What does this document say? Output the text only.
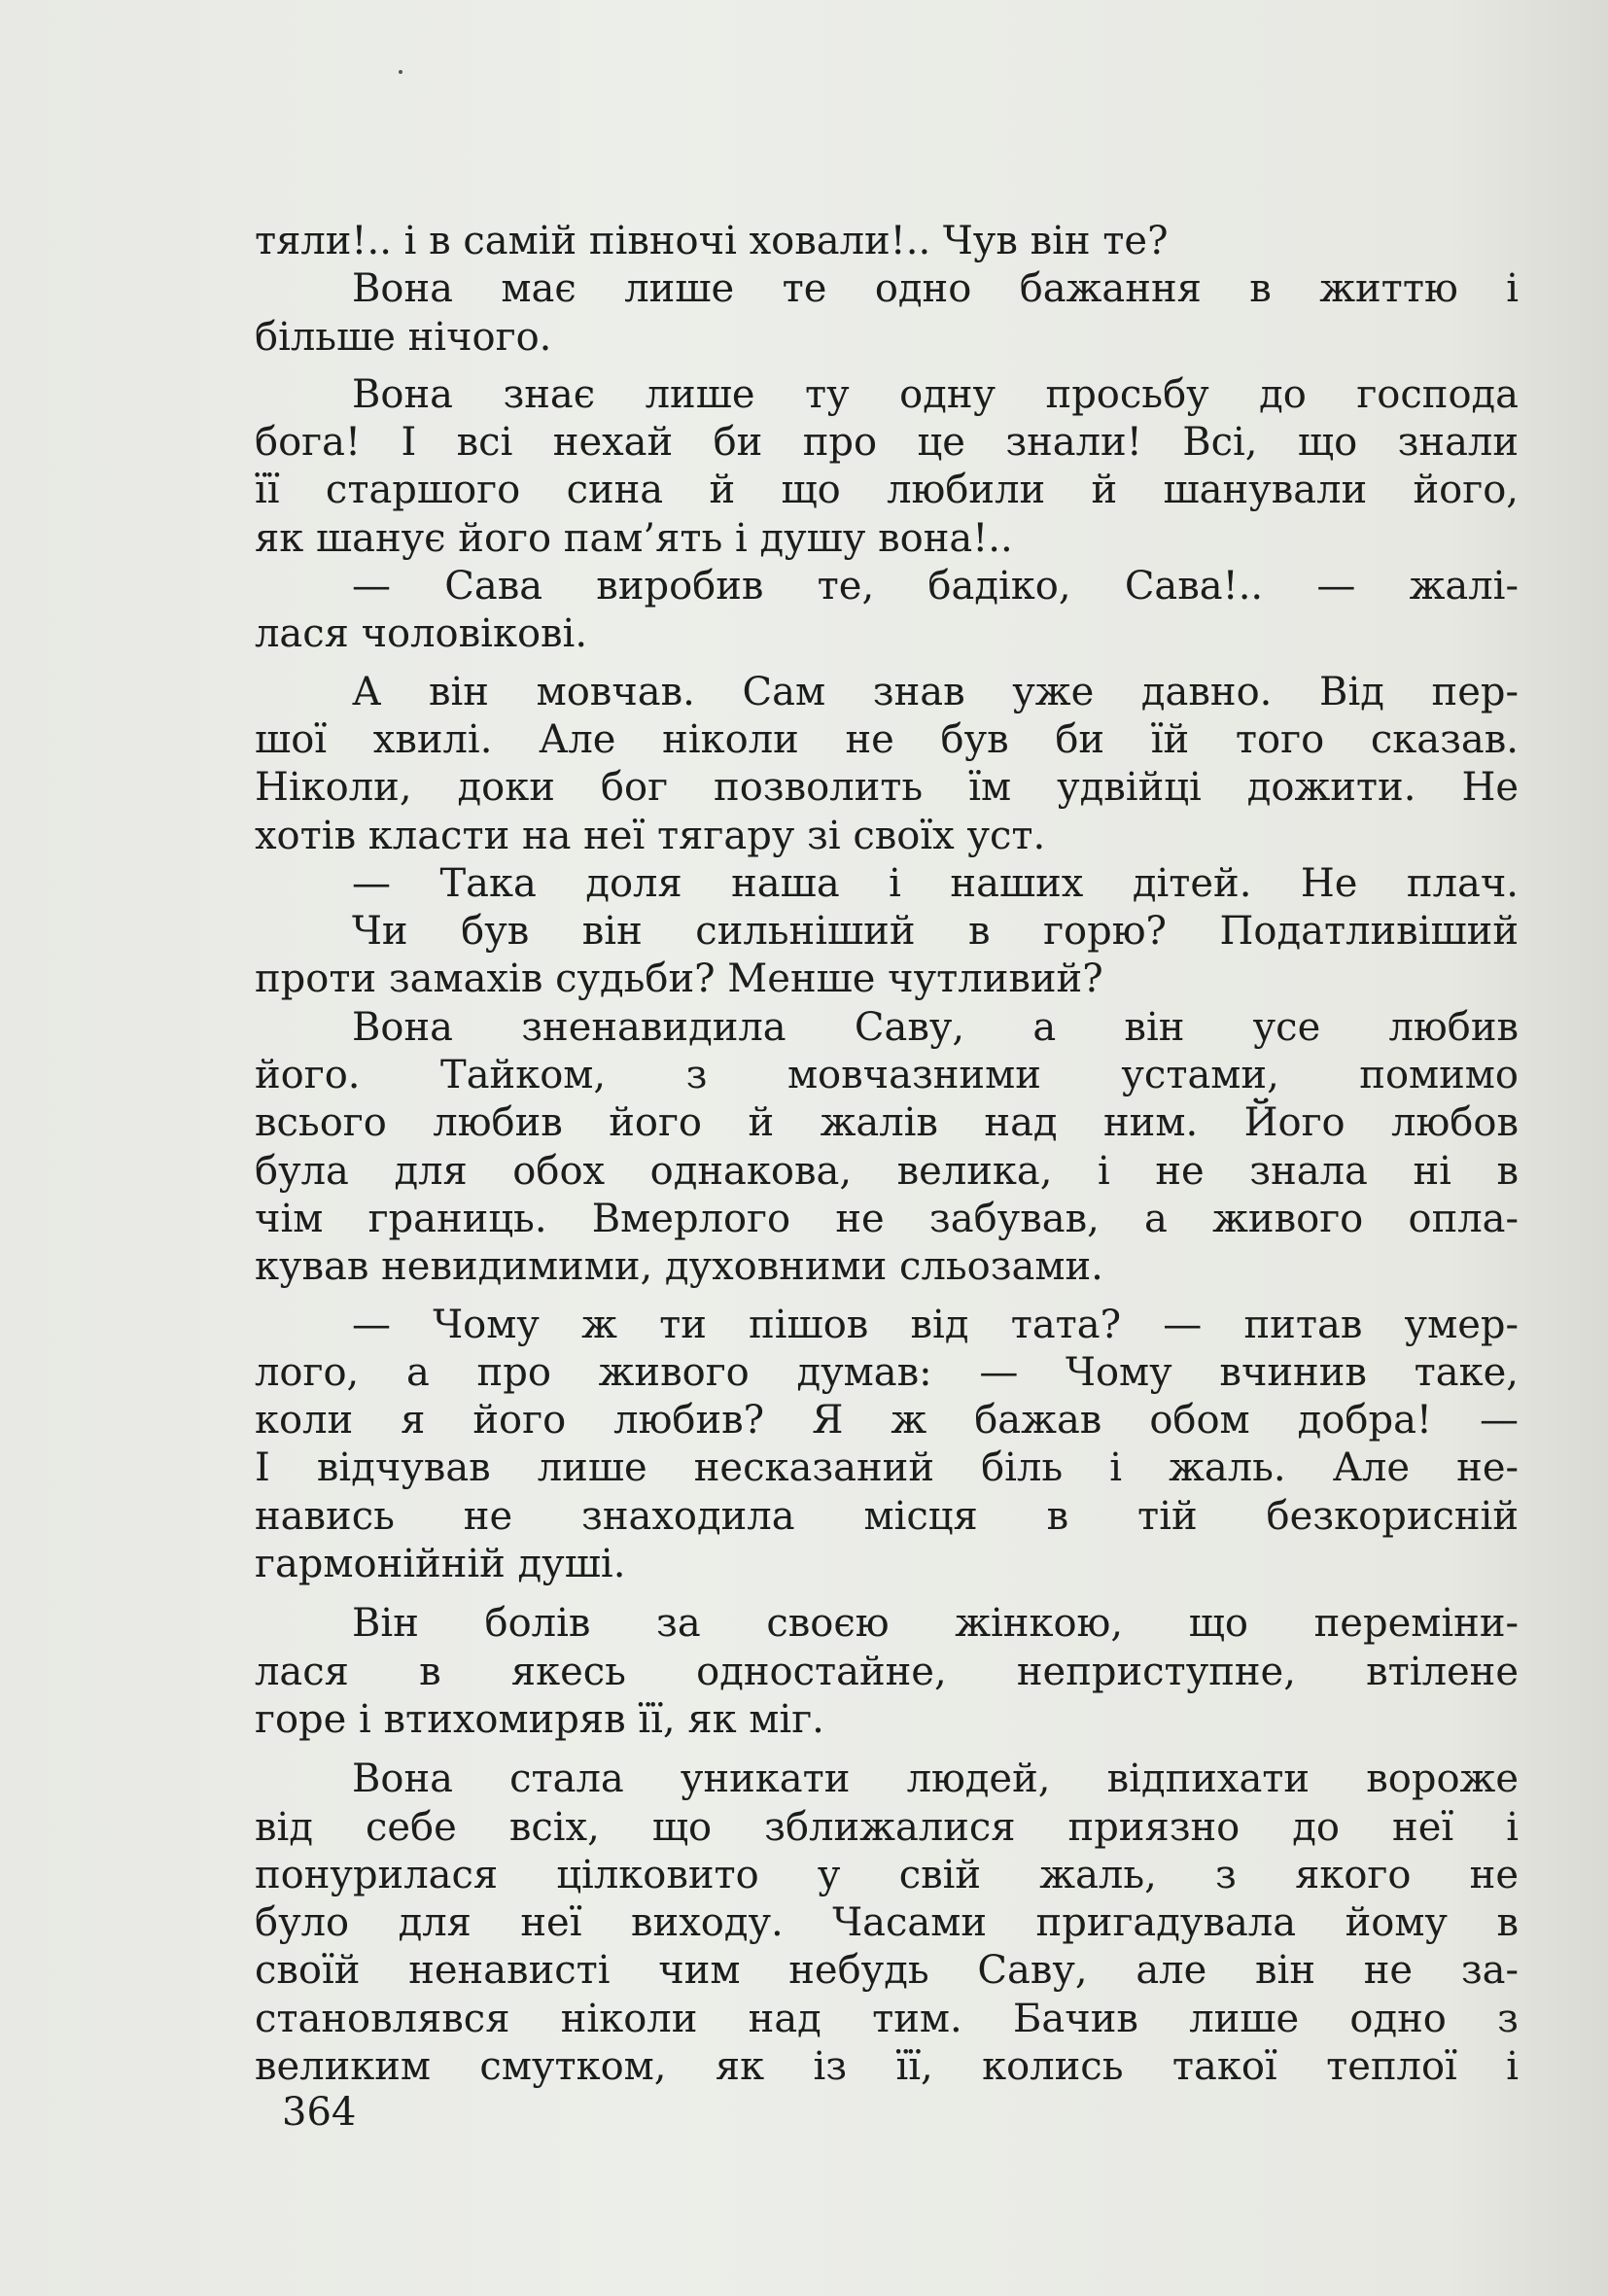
тяли!.. і в самій півночі ховали!.. Чув він те?
Вона має лише те одно бажання в життю і
більше нічого.
Вона знає лише ту одну просьбу до господа
бога! І всі нехай би про це знали! Всі, що знали
її старшого сина й що любили й шанували його,
як шанує його пам’ять і душу вона!..
— Сава виробив те, бадіко, Сава!.. — жалі-
лася чоловікові.
А він мовчав. Сам знав уже давно. Від пер-
шої хвилі. Але ніколи не був би їй того сказав.
Ніколи, доки бог позволить їм удвійці дожити. Не
хотів класти на неї тягару зі своїх уст.
— Така доля наша і наших дітей. Не плач.
Чи був він сильніший в горю? Податливіший
проти замахів судьби? Менше чутливий?
Вона зненавидила Саву, а він усе любив
його. Тайком, з мовчазними устами, помимо
всього любив його й жалів над ним. Його любов
була для обох однакова, велика, і не знала ні в
чім границь. Вмерлого не забував, а живого опла-
кував невидимими, духовними сльозами.
— Чому ж ти пішов від тата? — питав умер-
лого, а про живого думав: — Чому вчинив таке,
коли я його любив? Я ж бажав обом добра! —
І відчував лише несказаний біль і жаль. Але не-
навись не знаходила місця в тій безкорисній
гармонійній душі.
Він болів за своєю жінкою, що переміни-
лася в якесь одностайне, неприступне, втілене
горе і втихомиряв її, як міг.
Вона стала уникати людей, відпихати вороже
від себе всіх, що зближалися приязно до неї і
понурилася цілковито у свій жаль, з якого не
було для неї виходу. Часами пригадувала йому в
своїй ненависті чим небудь Саву, але він не за-
становлявся ніколи над тим. Бачив лише одно з
великим смутком, як із її, колись такої теплої і
364
